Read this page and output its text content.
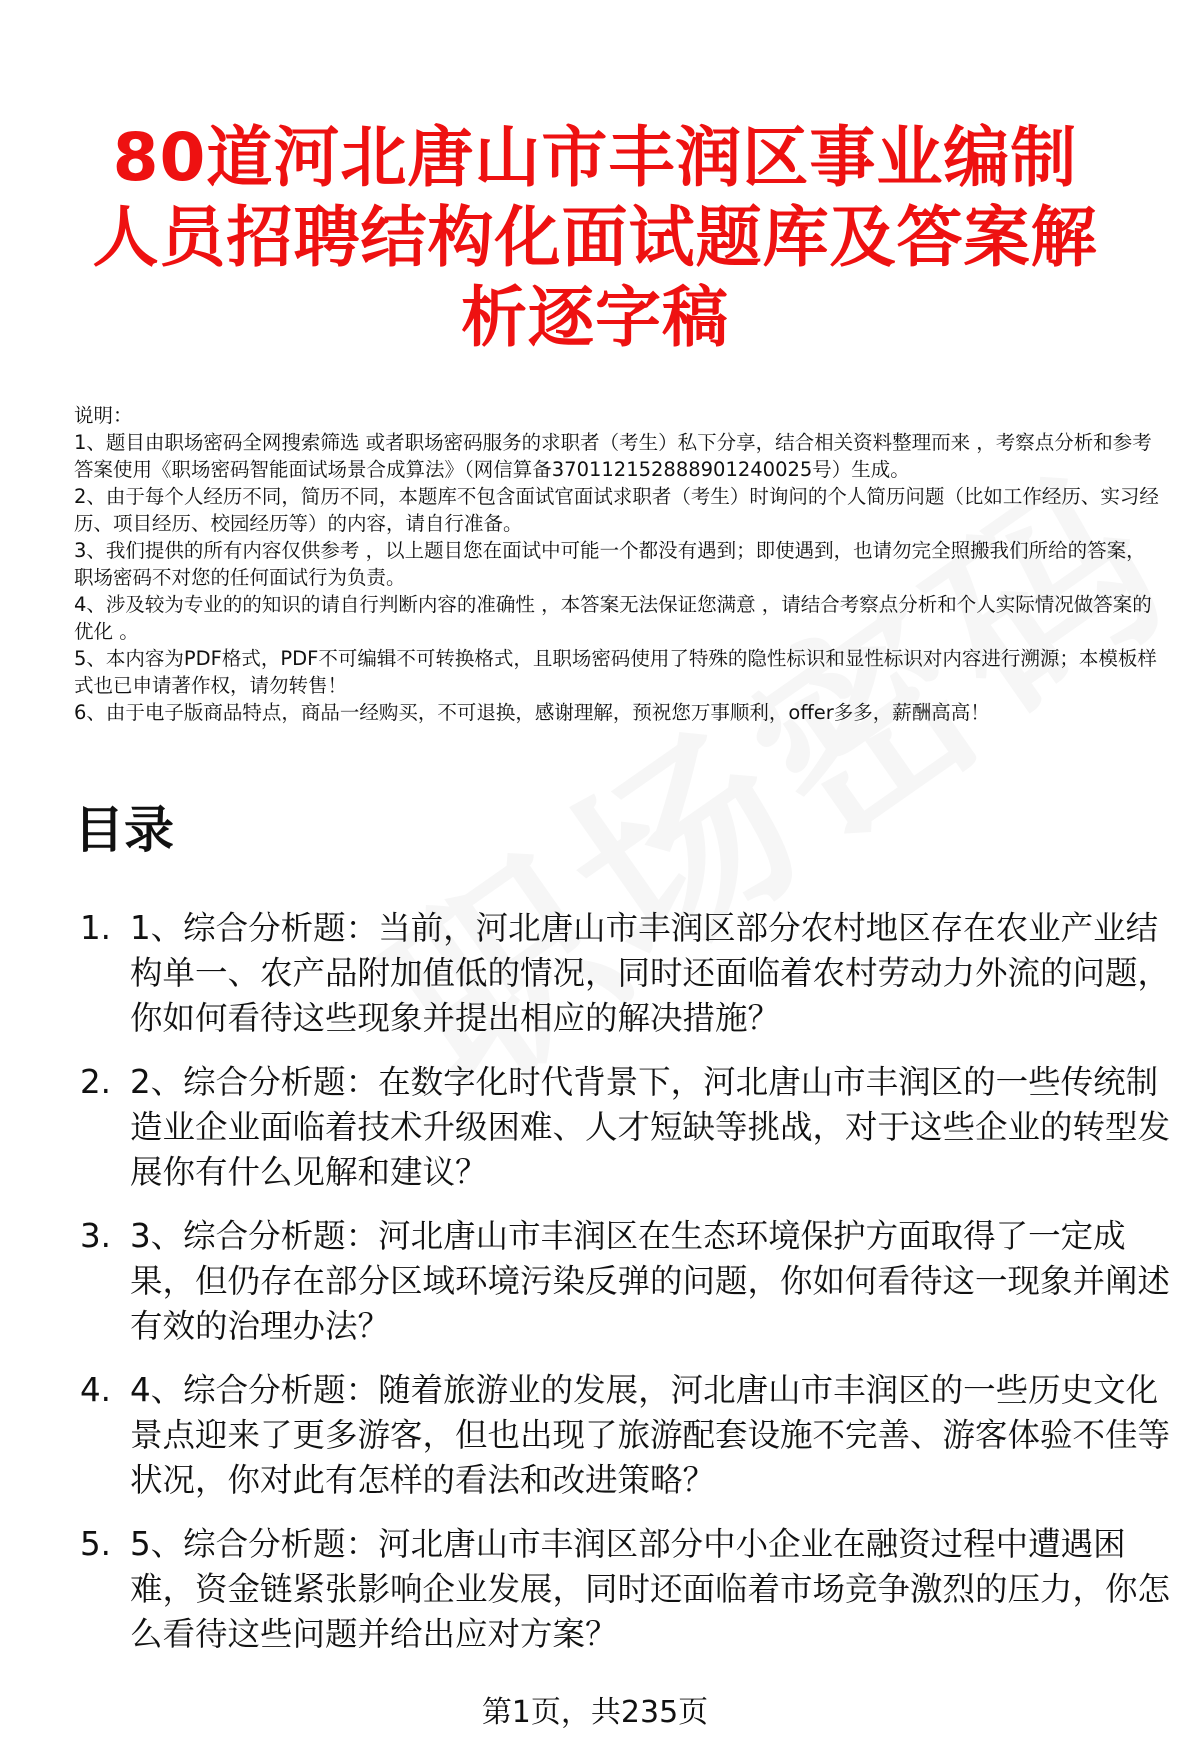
80道河北唐山市丰润区事业编制人员招聘结构化面试题库及答案解析逐字稿

说明：

1、题目由职场密码全网搜索筛选 或者职场密码服务的求职者（考生）私下分享，结合相关资料整理而来 ，考察点分析和参考答案使用《职场密码智能面试场景合成算法》（网信算备370112152888901240025号）生成。

2、由于每个人经历不同，简历不同，本题库不包含面试官面试求职者（考生）时询问的个人简历问题（比如工作经历、实习经历、项目经历、校园经历等）的内容，请自行准备。

3、我们提供的所有内容仅供参考 ，以上题目您在面试中可能一个都没有遇到；即使遇到，也请勿完全照搬我们所给的答案，职场密码不对您的任何面试行为负责。

4、涉及较为专业的的知识的请自行判断内容的准确性 ，本答案无法保证您满意 ，请结合考察点分析和个人实际情况做答案的优化 。

5、本内容为PDF格式，PDF不可编辑不可转换格式，且职场密码使用了特殊的隐性标识和显性标识对内容进行溯源；本模板样式也已申请著作权，请勿转售！

6、由于电子版商品特点，商品一经购买，不可退换，感谢理解，预祝您万事顺利，offer多多，薪酬高高！

目录
1. 1、综合分析题：当前，河北唐山市丰润区部分农村地区存在农业产业结构单一、农产品附加值低的情况，同时还面临着农村劳动力外流的问题，你如何看待这些现象并提出相应的解决措施？
2. 2、综合分析题：在数字化时代背景下，河北唐山市丰润区的一些传统制造业企业面临着技术升级困难、人才短缺等挑战，对于这些企业的转型发展你有什么见解和建议？
3. 3、综合分析题：河北唐山市丰润区在生态环境保护方面取得了一定成果，但仍存在部分区域环境污染反弹的问题，你如何看待这一现象并阐述有效的治理办法？
4. 4、综合分析题：随着旅游业的发展，河北唐山市丰润区的一些历史文化景点迎来了更多游客，但也出现了旅游配套设施不完善、游客体验不佳等状况，你对此有怎样的看法和改进策略？
5. 5、综合分析题：河北唐山市丰润区部分中小企业在融资过程中遭遇困难，资金链紧张影响企业发展，同时还面临着市场竞争激烈的压力，你怎么看待这些问题并给出应对方案？
第1页，共235页
